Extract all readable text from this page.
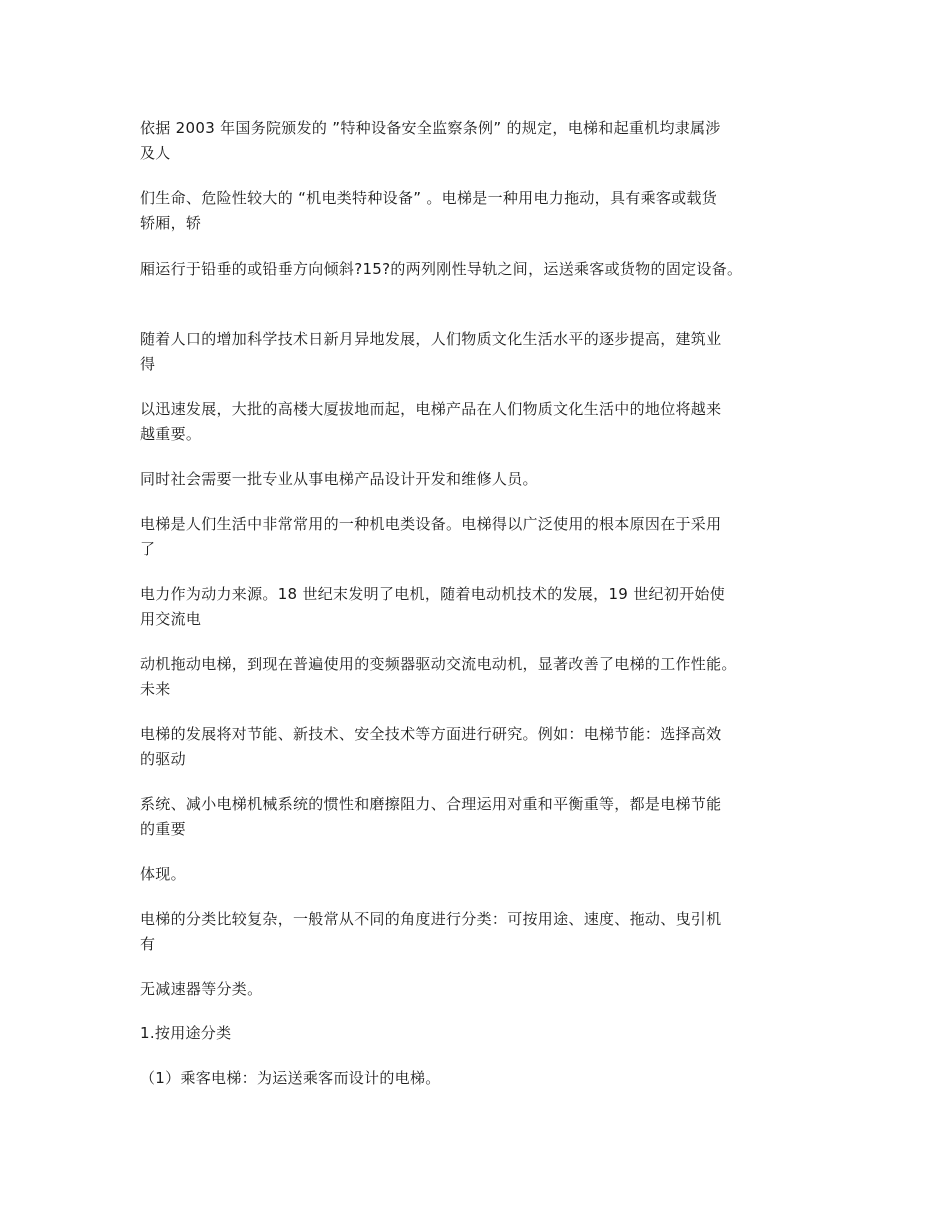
依据 2003 年国务院颁发的 ”特种设备安全监察条例” 的规定，电梯和起重机均隶属涉
及人

们生命、危险性较大的 “机电类特种设备” 。电梯是一种用电力拖动，具有乘客或载货
轿厢，轿

厢运行于铅垂的或铅垂方向倾斜?15?的两列刚性导轨之间，运送乘客或货物的固定设备。

随着人口的增加科学技术日新月异地发展，人们物质文化生活水平的逐步提高，建筑业
得

以迅速发展，大批的高楼大厦拔地而起，电梯产品在人们物质文化生活中的地位将越来
越重要。

同时社会需要一批专业从事电梯产品设计开发和维修人员。

电梯是人们生活中非常常用的一种机电类设备。电梯得以广泛使用的根本原因在于采用
了

电力作为动力来源。18 世纪末发明了电机，随着电动机技术的发展，19 世纪初开始使
用交流电

动机拖动电梯，到现在普遍使用的变频器驱动交流电动机，显著改善了电梯的工作性能。
未来

电梯的发展将对节能、新技术、安全技术等方面进行研究。例如：电梯节能：选择高效
的驱动

系统、减小电梯机械系统的惯性和磨擦阻力、合理运用对重和平衡重等，都是电梯节能
的重要

体现。

电梯的分类比较复杂，一般常从不同的角度进行分类：可按用途、速度、拖动、曳引机
有

无减速器等分类。

1.按用途分类

（1）乘客电梯：为运送乘客而设计的电梯。
